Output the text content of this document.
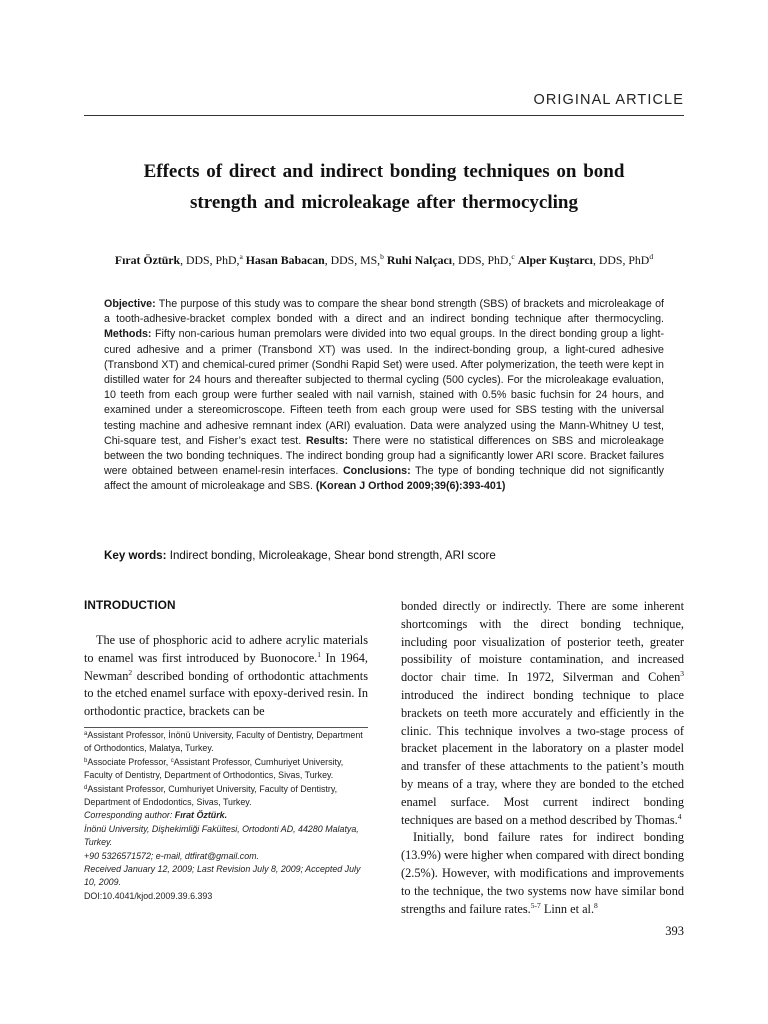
ORIGINAL ARTICLE
Effects of direct and indirect bonding techniques on bond
strength and microleakage after thermocycling
Fırat Öztürk, DDS, PhD,$^a$ Hasan Babacan, DDS, MS,$^b$ Ruhi Nalçacı, DDS, PhD,$^c$ Alper Kuştarcı, DDS, PhD$^d$
Objective: The purpose of this study was to compare the shear bond strength (SBS) of brackets and microleakage of a tooth-adhesive-bracket complex bonded with a direct and an indirect bonding technique after thermocycling. Methods: Fifty non-carious human premolars were divided into two equal groups. In the direct bonding group a light-cured adhesive and a primer (Transbond XT) was used. In the indirect-bonding group, a light-cured adhesive (Transbond XT) and chemical-cured primer (Sondhi Rapid Set) were used. After polymerization, the teeth were kept in distilled water for 24 hours and thereafter subjected to thermal cycling (500 cycles). For the microleakage evaluation, 10 teeth from each group were further sealed with nail varnish, stained with 0.5% basic fuchsin for 24 hours, and examined under a stereomicroscope. Fifteen teeth from each group were used for SBS testing with the universal testing machine and adhesive remnant index (ARI) evaluation. Data were analyzed using the Mann-Whitney U test, Chi-square test, and Fisher’s exact test. Results: There were no statistical differences on SBS and microleakage between the two bonding techniques. The indirect bonding group had a significantly lower ARI score. Bracket failures were obtained between enamel-resin interfaces. Conclusions: The type of bonding technique did not significantly affect the amount of microleakage and SBS. (Korean J Orthod 2009;39(6):393-401)
Key words: Indirect bonding, Microleakage, Shear bond strength, ARI score
INTRODUCTION

The use of phosphoric acid to adhere acrylic materials to enamel was first introduced by Buonocore.$^1$ In 1964, Newman$^2$ described bonding of orthodontic attachments to the etched enamel surface with epoxy-derived resin. In orthodontic practice, brackets can be

$^a$Assistant Professor, İnönü University, Faculty of Dentistry, Department of Orthodontics, Malatya, Turkey.
$^b$Associate Professor, $^c$Assistant Professor, Cumhuriyet University, Faculty of Dentistry, Department of Orthodontics, Sivas, Turkey.
$^d$Assistant Professor, Cumhuriyet University, Faculty of Dentistry, Department of Endodontics, Sivas, Turkey.
Corresponding author: Fırat Öztürk.
İnönü University, Dişhekimliği Fakültesi, Ortodonti AD, 44280 Malatya, Turkey.
+90 5326571572; e-mail, dtfirat@gmail.com.
Received January 12, 2009; Last Revision July 8, 2009; Accepted July 10, 2009.
DOI:10.4041/kjod.2009.39.6.393

bonded directly or indirectly. There are some inherent shortcomings with the direct bonding technique, including poor visualization of posterior teeth, greater possibility of moisture contamination, and increased doctor chair time. In 1972, Silverman and Cohen$^3$ introduced the indirect bonding technique to place brackets on teeth more accurately and efficiently in the clinic. This technique involves a two-stage process of bracket placement in the laboratory on a plaster model and transfer of these attachments to the patient’s mouth by means of a tray, where they are bonded to the etched enamel surface. Most current indirect bonding techniques are based on a method described by Thomas.$^4$

Initially, bond failure rates for indirect bonding (13.9%) were higher when compared with direct bonding (2.5%). However, with modifications and improvements to the technique, the two systems now have similar bond strengths and failure rates.$^{5-7}$ Linn et al.$^8$

393
